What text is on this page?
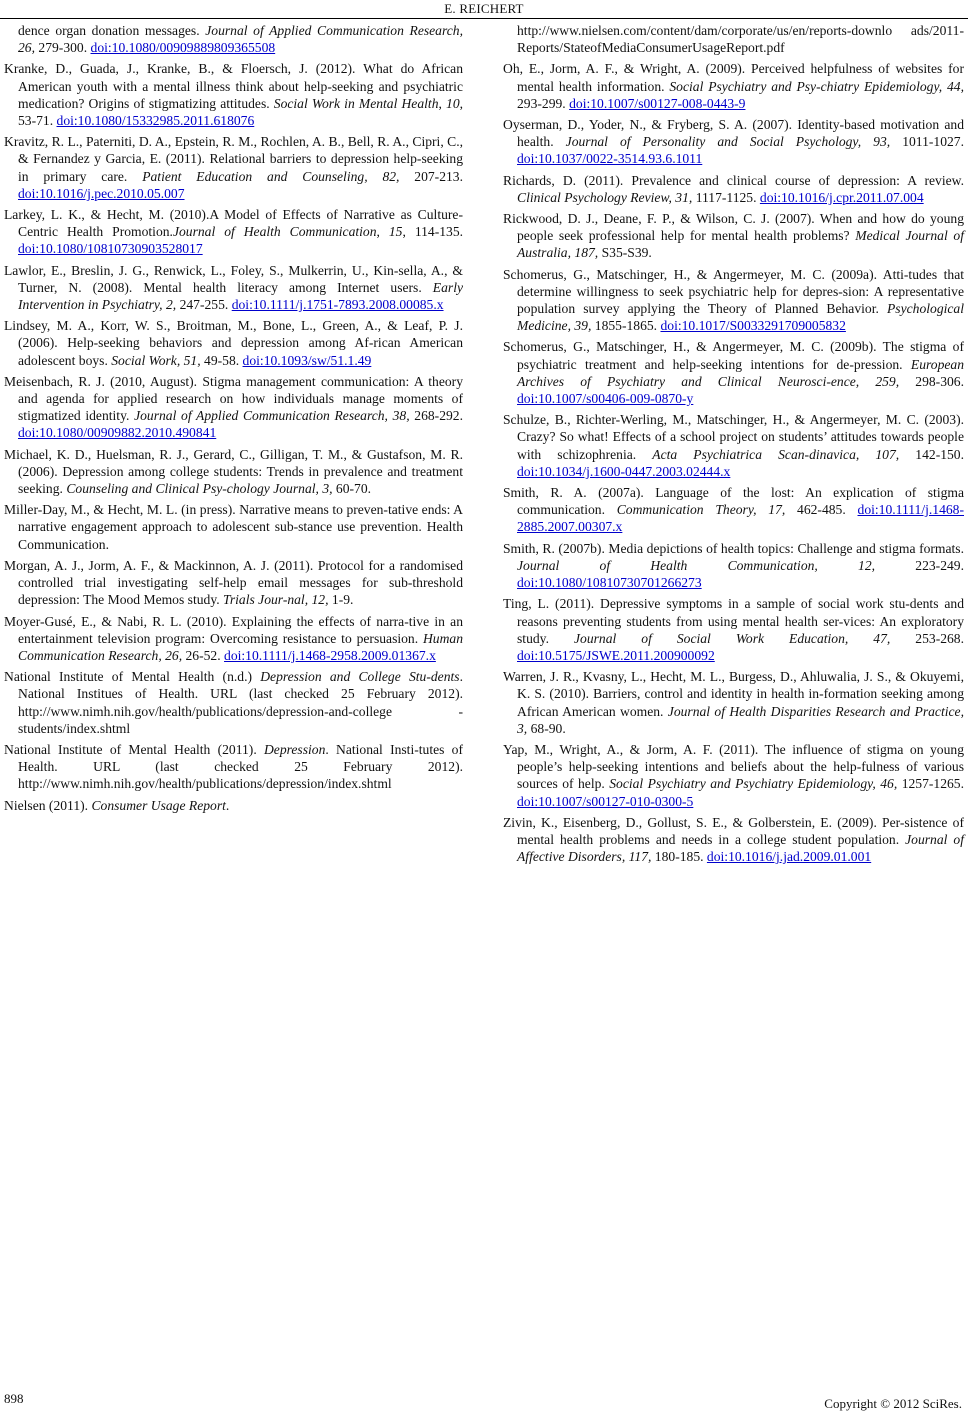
E. REICHERT

dence organ donation messages. Journal of Applied Communication Research, 26, 279-300. doi:10.1080/00909889809365508

Kranke, D., Guada, J., Kranke, B., & Floersch, J. (2012). What do African American youth with a mental illness think about help-seeking and psychiatric medication? Origins of stigmatizing attitudes. Social Work in Mental Health, 10, 53-71. doi:10.1080/15332985.2011.618076

Kravitz, R. L., Paterniti, D. A., Epstein, R. M., Rochlen, A. B., Bell, R. A., Cipri, C., & Fernandez y Garcia, E. (2011). Relational barriers to depression help-seeking in primary care. Patient Education and Counseling, 82, 207-213. doi:10.1016/j.pec.2010.05.007

Larkey, L. K., & Hecht, M. (2010).A Model of Effects of Narrative as Culture-Centric Health Promotion.Journal of Health Communication, 15, 114-135. doi:10.1080/10810730903528017

Lawlor, E., Breslin, J. G., Renwick, L., Foley, S., Mulkerrin, U., Kin-sella, A., & Turner, N. (2008). Mental health literacy among Internet users. Early Intervention in Psychiatry, 2, 247-255. doi:10.1111/j.1751-7893.2008.00085.x

Lindsey, M. A., Korr, W. S., Broitman, M., Bone, L., Green, A., & Leaf, P. J. (2006). Help-seeking behaviors and depression among Af-rican American adolescent boys. Social Work, 51, 49-58. doi:10.1093/sw/51.1.49

Meisenbach, R. J. (2010, August). Stigma management communication: A theory and agenda for applied research on how individuals manage moments of stigmatized identity. Journal of Applied Communication Research, 38, 268-292. doi:10.1080/00909882.2010.490841

Michael, K. D., Huelsman, R. J., Gerard, C., Gilligan, T. M., & Gustafson, M. R. (2006). Depression among college students: Trends in prevalence and treatment seeking. Counseling and Clinical Psy-chology Journal, 3, 60-70.

Miller-Day, M., & Hecht, M. L. (in press). Narrative means to preven-tative ends: A narrative engagement approach to adolescent sub-stance use prevention. Health Communication.

Morgan, A. J., Jorm, A. F., & Mackinnon, A. J. (2011). Protocol for a randomised controlled trial investigating self-help email messages for sub-threshold depression: The Mood Memos study. Trials Jour-nal, 12, 1-9.

Moyer-Gusé, E., & Nabi, R. L. (2010). Explaining the effects of narra-tive in an entertainment television program: Overcoming resistance to persuasion. Human Communication Research, 26, 26-52. doi:10.1111/j.1468-2958.2009.01367.x

National Institute of Mental Health (n.d.) Depression and College Stu-dents. National Institues of Health. URL (last checked 25 February 2012). http://www.nimh.nih.gov/health/publications/depression-and-college -students/index.shtml

National Institute of Mental Health (2011). Depression. National Insti-tutes of Health. URL (last checked 25 February 2012). http://www.nimh.nih.gov/health/publications/depression/index.shtml

Nielsen (2011). Consumer Usage Report.

http://www.nielsen.com/content/dam/corporate/us/en/reports-downlo ads/2011-Reports/StateofMediaConsumerUsageReport.pdf

Oh, E., Jorm, A. F., & Wright, A. (2009). Perceived helpfulness of websites for mental health information. Social Psychiatry and Psy-chiatry Epidemiology, 44, 293-299. doi:10.1007/s00127-008-0443-9

Oyserman, D., Yoder, N., & Fryberg, S. A. (2007). Identity-based motivation and health. Journal of Personality and Social Psychology, 93, 1011-1027. doi:10.1037/0022-3514.93.6.1011

Richards, D. (2011). Prevalence and clinical course of depression: A review. Clinical Psychology Review, 31, 1117-1125. doi:10.1016/j.cpr.2011.07.004

Rickwood, D. J., Deane, F. P., & Wilson, C. J. (2007). When and how do young people seek professional help for mental health problems? Medical Journal of Australia, 187, S35-S39.

Schomerus, G., Matschinger, H., & Angermeyer, M. C. (2009a). Atti-tudes that determine willingness to seek psychiatric help for depres-sion: A representative population survey applying the Theory of Planned Behavior. Psychological Medicine, 39, 1855-1865. doi:10.1017/S0033291709005832

Schomerus, G., Matschinger, H., & Angermeyer, M. C. (2009b). The stigma of psychiatric treatment and help-seeking intentions for de-pression. European Archives of Psychiatry and Clinical Neurosci-ence, 259, 298-306. doi:10.1007/s00406-009-0870-y

Schulze, B., Richter-Werling, M., Matschinger, H., & Angermeyer, M. C. (2003). Crazy? So what! Effects of a school project on students’ attitudes towards people with schizophrenia. Acta Psychiatrica Scan-dinavica, 107, 142-150. doi:10.1034/j.1600-0447.2003.02444.x

Smith, R. A. (2007a). Language of the lost: An explication of stigma communication. Communication Theory, 17, 462-485. doi:10.1111/j.1468-2885.2007.00307.x

Smith, R. (2007b). Media depictions of health topics: Challenge and stigma formats. Journal of Health Communication, 12, 223-249. doi:10.1080/10810730701266273

Ting, L. (2011). Depressive symptoms in a sample of social work stu-dents and reasons preventing students from using mental health ser-vices: An exploratory study. Journal of Social Work Education, 47, 253-268. doi:10.5175/JSWE.2011.200900092

Warren, J. R., Kvasny, L., Hecht, M. L., Burgess, D., Ahluwalia, J. S., & Okuyemi, K. S. (2010). Barriers, control and identity in health in-formation seeking among African American women. Journal of Health Disparities Research and Practice, 3, 68-90.

Yap, M., Wright, A., & Jorm, A. F. (2011). The influence of stigma on young people’s help-seeking intentions and beliefs about the help-fulness of various sources of help. Social Psychiatry and Psychiatry Epidemiology, 46, 1257-1265. doi:10.1007/s00127-010-0300-5

Zivin, K., Eisenberg, D., Gollust, S. E., & Golberstein, E. (2009). Per-sistence of mental health problems and needs in a college student population. Journal of Affective Disorders, 117, 180-185. doi:10.1016/j.jad.2009.01.001

898	Copyright © 2012 SciRes.
